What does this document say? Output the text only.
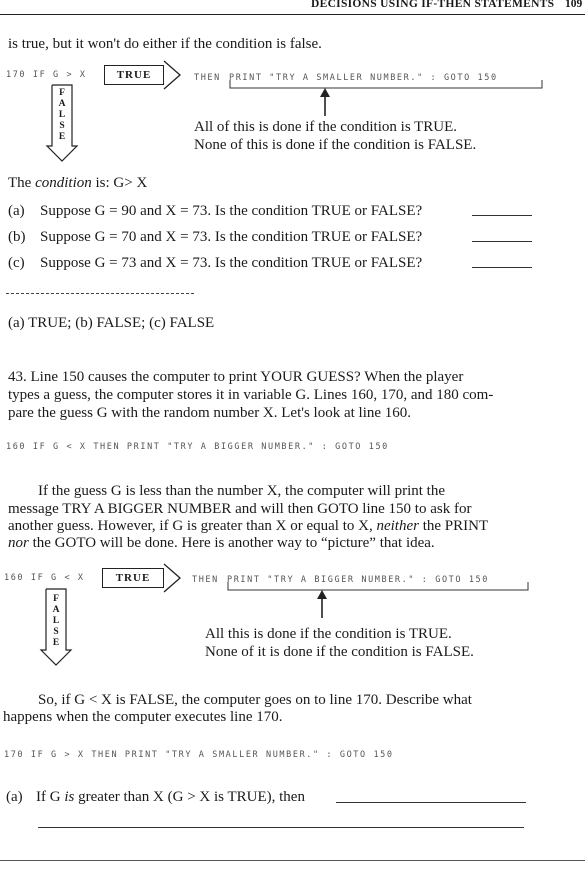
DECISIONS USING IF-THEN STATEMENTS 109
is true, but it won't do either if the condition is false.
170 IF G > X	TRUE	THEN PRINT "TRY A SMALLER NUMBER." : GOTO 150
F
A
L
S
E
All of this is done if the condition is TRUE.
None of this is done if the condition is FALSE.
The condition is: G> X
(a) Suppose G = 90 and X = 73. Is the condition TRUE or FALSE?
(b) Suppose G = 70 and X = 73. Is the condition TRUE or FALSE?
(c) Suppose G = 73 and X = 73. Is the condition TRUE or FALSE?
(a) TRUE; (b) FALSE; (c) FALSE
43. Line 150 causes the computer to print YOUR GUESS? When the player
types a guess, the computer stores it in variable G. Lines 160, 170, and 180 com-
pare the guess G with the random number X. Let's look at line 160.
160 IF G < X THEN PRINT "TRY A BIGGER NUMBER." : GOTO 150
If the guess G is less than the number X, the computer will print the
message TRY A BIGGER NUMBER and will then GOTO line 150 to ask for
another guess. However, if G is greater than X or equal to X, neither the PRINT
nor the GOTO will be done. Here is another way to “picture” that idea.
160 IF G < X	TRUE	THEN PRINT "TRY A BIGGER NUMBER." : GOTO 150
F
A
L
S
E
All this is done if the condition is TRUE.
None of it is done if the condition is FALSE.
So, if G < X is FALSE, the computer goes on to line 170. Describe what
happens when the computer executes line 170.
170 IF G > X THEN PRINT "TRY A SMALLER NUMBER." : GOTO 150
(a) If G is greater than X (G > X is TRUE), then
